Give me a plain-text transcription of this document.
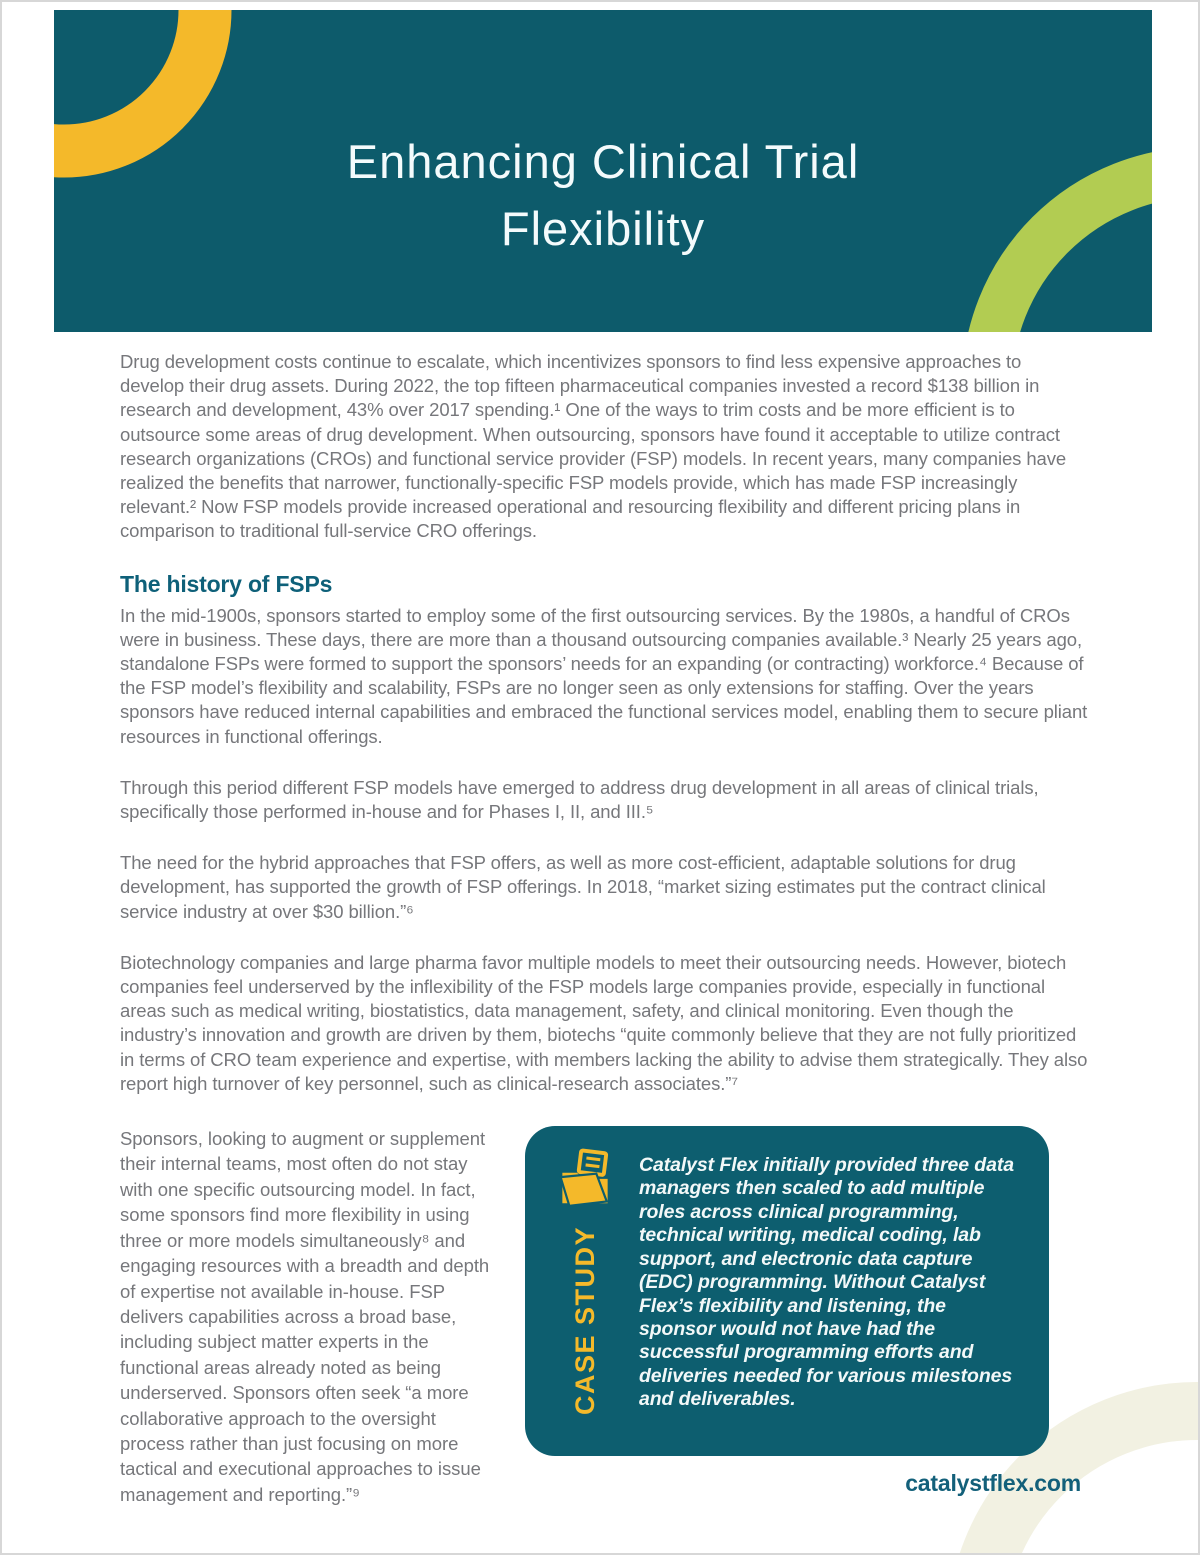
Enhancing Clinical Trial Flexibility

Drug development costs continue to escalate, which incentivizes sponsors to find less expensive approaches to develop their drug assets. During 2022, the top fifteen pharmaceutical companies invested a record $138 billion in research and development, 43% over 2017 spending.¹ One of the ways to trim costs and be more efficient is to outsource some areas of drug development. When outsourcing, sponsors have found it acceptable to utilize contract research organizations (CROs) and functional service provider (FSP) models. In recent years, many companies have realized the benefits that narrower, functionally-specific FSP models provide, which has made FSP increasingly relevant.² Now FSP models provide increased operational and resourcing flexibility and different pricing plans in comparison to traditional full-service CRO offerings.

The history of FSPs

In the mid-1900s, sponsors started to employ some of the first outsourcing services. By the 1980s, a handful of CROs were in business. These days, there are more than a thousand outsourcing companies available.³ Nearly 25 years ago, standalone FSPs were formed to support the sponsors’ needs for an expanding (or contracting) workforce.⁴ Because of the FSP model’s flexibility and scalability, FSPs are no longer seen as only extensions for staffing. Over the years sponsors have reduced internal capabilities and embraced the functional services model, enabling them to secure pliant resources in functional offerings.

Through this period different FSP models have emerged to address drug development in all areas of clinical trials, specifically those performed in-house and for Phases I, II, and III.⁵

The need for the hybrid approaches that FSP offers, as well as more cost-efficient, adaptable solutions for drug development, has supported the growth of FSP offerings. In 2018, “market sizing estimates put the contract clinical service industry at over $30 billion.”⁶

Biotechnology companies and large pharma favor multiple models to meet their outsourcing needs. However, biotech companies feel underserved by the inflexibility of the FSP models large companies provide, especially in functional areas such as medical writing, biostatistics, data management, safety, and clinical monitoring. Even though the industry’s innovation and growth are driven by them, biotechs “quite commonly believe that they are not fully prioritized in terms of CRO team experience and expertise, with members lacking the ability to advise them strategically. They also report high turnover of key personnel, such as clinical-research associates.”⁷

Sponsors, looking to augment or supplement their internal teams, most often do not stay with one specific outsourcing model. In fact, some sponsors find more flexibility in using three or more models simultaneously⁸ and engaging resources with a breadth and depth of expertise not available in-house. FSP delivers capabilities across a broad base, including subject matter experts in the functional areas already noted as being underserved. Sponsors often seek “a more collaborative approach to the oversight process rather than just focusing on more tactical and executional approaches to issue management and reporting.”⁹

CASE STUDY

Catalyst Flex initially provided three data managers then scaled to add multiple roles across clinical programming, technical writing, medical coding, lab support, and electronic data capture (EDC) programming. Without Catalyst Flex’s flexibility and listening, the sponsor would not have had the successful programming efforts and deliveries needed for various milestones and deliverables.

catalystflex.com
